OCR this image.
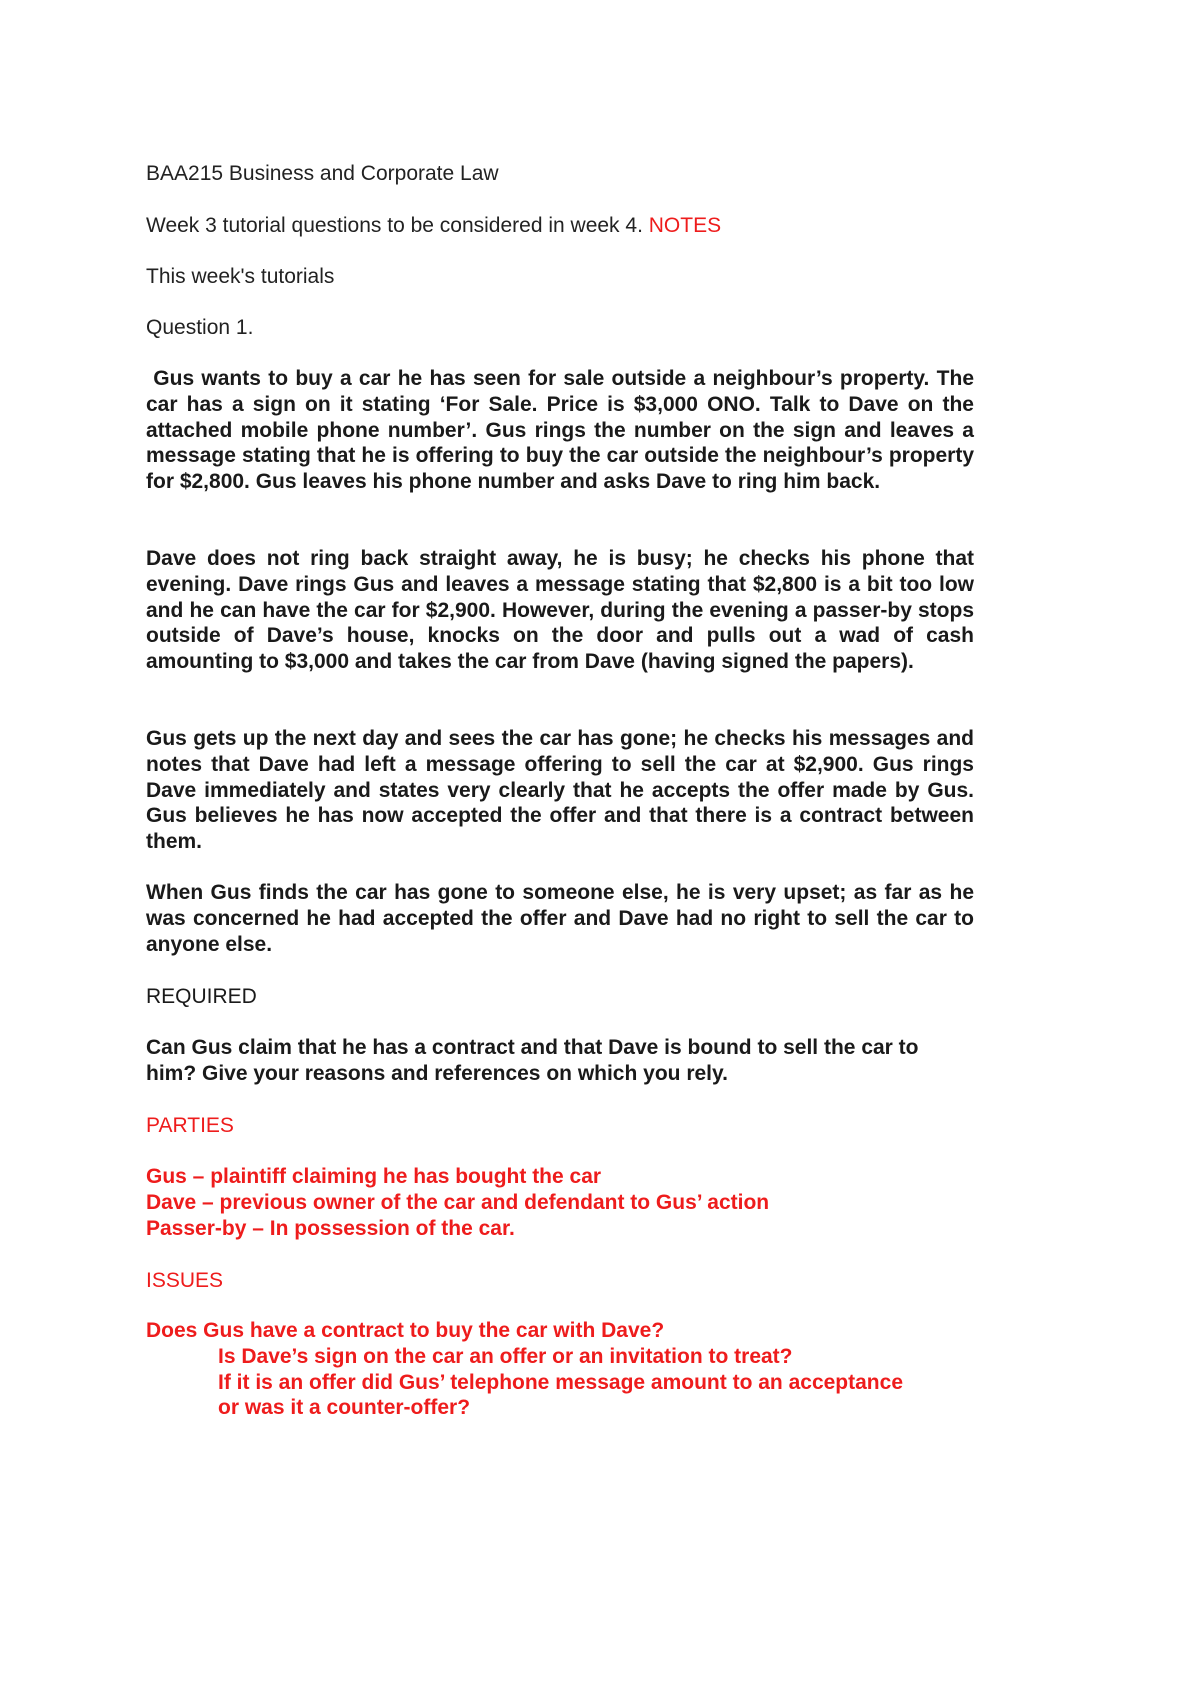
BAA215 Business and Corporate Law

Week 3 tutorial questions to be considered in week 4. NOTES

This week's tutorials

Question 1.

Gus wants to buy a car he has seen for sale outside a neighbour’s property. The car has a sign on it stating ‘For Sale. Price is $3,000 ONO. Talk to Dave on the attached mobile phone number’. Gus rings the number on the sign and leaves a message stating that he is offering to buy the car outside the neighbour’s property for $2,800. Gus leaves his phone number and asks Dave to ring him back.

Dave does not ring back straight away, he is busy; he checks his phone that evening. Dave rings Gus and leaves a message stating that $2,800 is a bit too low and he can have the car for $2,900. However, during the evening a passer-by stops outside of Dave’s house, knocks on the door and pulls out a wad of cash amounting to $3,000 and takes the car from Dave (having signed the papers).

Gus gets up the next day and sees the car has gone; he checks his messages and notes that Dave had left a message offering to sell the car at $2,900. Gus rings Dave immediately and states very clearly that he accepts the offer made by Gus. Gus believes he has now accepted the offer and that there is a contract between them.

When Gus finds the car has gone to someone else, he is very upset; as far as he was concerned he had accepted the offer and Dave had no right to sell the car to anyone else.

REQUIRED

Can Gus claim that he has a contract and that Dave is bound to sell the car to him? Give your reasons and references on which you rely.

PARTIES

Gus – plaintiff claiming he has bought the car

Dave – previous owner of the car and defendant to Gus’ action

Passer-by – In possession of the car.

ISSUES

Does Gus have a contract to buy the car with Dave?

Is Dave’s sign on the car an offer or an invitation to treat?

If it is an offer did Gus’ telephone message amount to an acceptance or was it a counter-offer?
